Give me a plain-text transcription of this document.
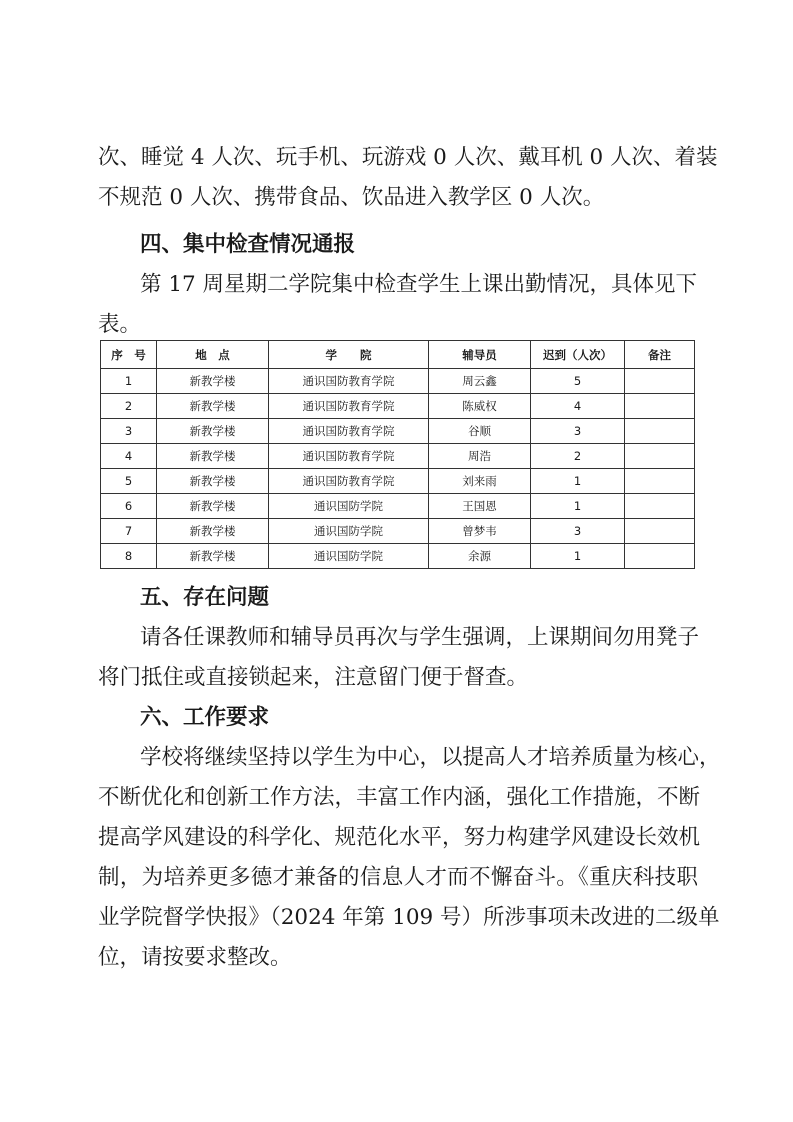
次、睡觉 4 人次、玩手机、玩游戏 0 人次、戴耳机 0 人次、着装
不规范 0 人次、携带食品、饮品进入教学区 0 人次。
四、集中检查情况通报
第 17 周星期二学院集中检查学生上课出勤情况，具体见下
表。
序　号	地　点	学　　院	辅导员	迟到（人次）	备注
1	新教学楼	通识国防教育学院	周云鑫	5	
2	新教学楼	通识国防教育学院	陈威权	4	
3	新教学楼	通识国防教育学院	谷顺	3	
4	新教学楼	通识国防教育学院	周浩	2	
5	新教学楼	通识国防教育学院	刘来雨	1	
6	新教学楼	通识国防学院	王国恩	1	
7	新教学楼	通识国防学院	曾梦韦	3	
8	新教学楼	通识国防学院	余源	1	
五、存在问题
请各任课教师和辅导员再次与学生强调，上课期间勿用凳子
将门抵住或直接锁起来，注意留门便于督查。
六、工作要求
学校将继续坚持以学生为中心，以提高人才培养质量为核心，
不断优化和创新工作方法，丰富工作内涵，强化工作措施，不断
提高学风建设的科学化、规范化水平，努力构建学风建设长效机
制，为培养更多德才兼备的信息人才而不懈奋斗。《重庆科技职
业学院督学快报》（2024 年第 109 号）所涉事项未改进的二级单
位，请按要求整改。
